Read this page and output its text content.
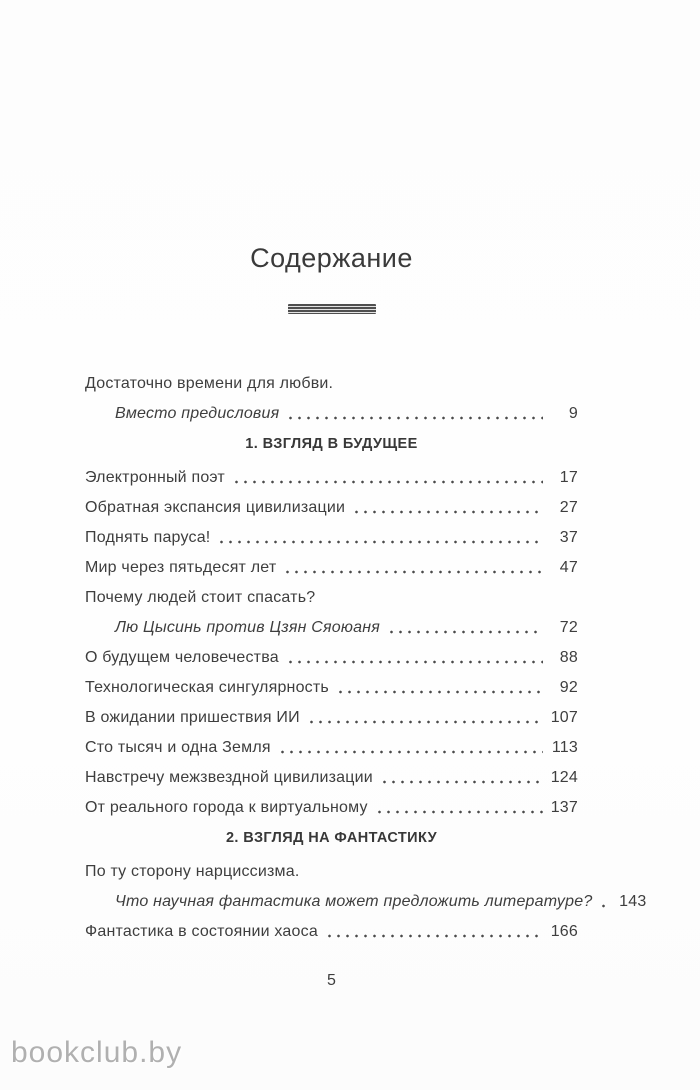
Содержание
Достаточно времени для любви.
Вместо предисловия	9
1. ВЗГЛЯД В БУДУЩЕЕ
Электронный поэт	17
Обратная экспансия цивилизации	27
Поднять паруса!	37
Мир через пятьдесят лет	47
Почему людей стоит спасать?
Лю Цысинь против Цзян Сяоюаня	72
О будущем человечества	88
Технологическая сингулярность	92
В ожидании пришествия ИИ	107
Сто тысяч и одна Земля	113
Навстречу межзвездной цивилизации	124
От реального города к виртуальному	137
2. ВЗГЛЯД НА ФАНТАСТИКУ
По ту сторону нарциссизма.
Что научная фантастика может предложить литературе? 143
Фантастика в состоянии хаоса	166
5
bookclub.by
